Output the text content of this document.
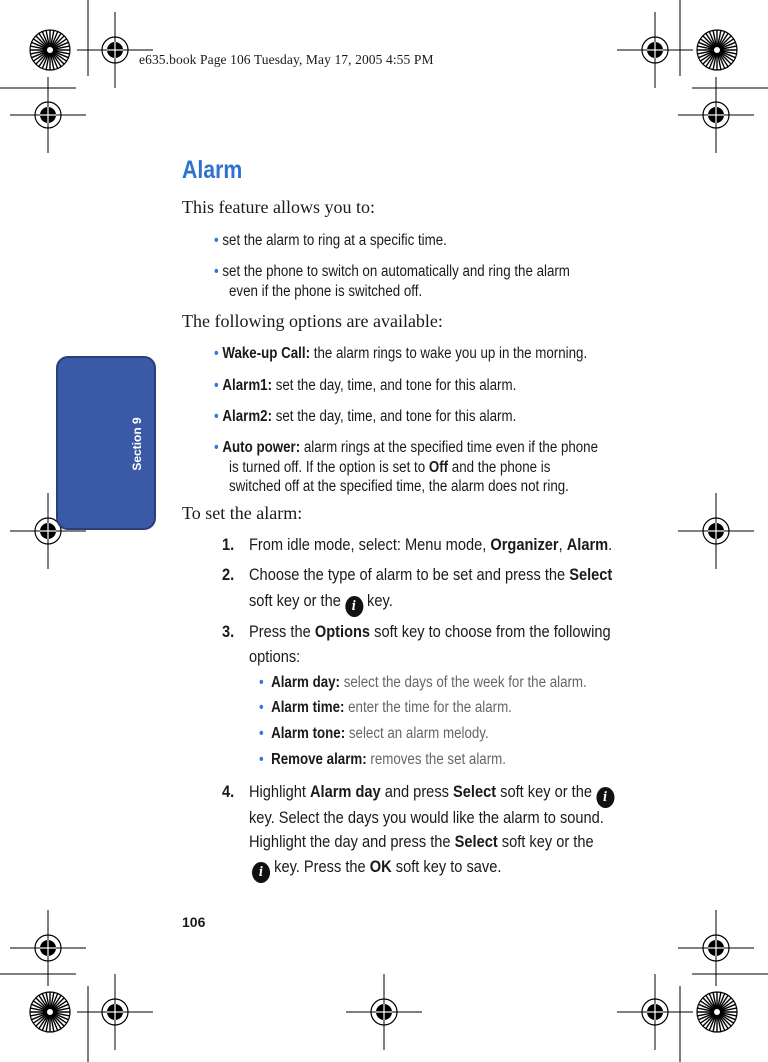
e635.book Page 106 Tuesday, May 17, 2005 4:55 PM
Section 9
Alarm
This feature allows you to:
• set the alarm to ring at a specific time.
• set the phone to switch on automatically and ring the alarm
even if the phone is switched off.
The following options are available:
• Wake-up Call: the alarm rings to wake you up in the morning.
• Alarm1: set the day, time, and tone for this alarm.
• Alarm2: set the day, time, and tone for this alarm.
• Auto power: alarm rings at the specified time even if the phone
is turned off. If the option is set to Off and the phone is
switched off at the specified time, the alarm does not ring.
To set the alarm:
1. From idle mode, select: Menu mode, Organizer, Alarm.
2. Choose the type of alarm to be set and press the Select
soft key or the i key.
3. Press the Options soft key to choose from the following
options:
• Alarm day: select the days of the week for the alarm.
• Alarm time: enter the time for the alarm.
• Alarm tone: select an alarm melody.
• Remove alarm: removes the set alarm.
4. Highlight Alarm day and press Select soft key or the i
key. Select the days you would like the alarm to sound.
Highlight the day and press the Select soft key or the
i key. Press the OK soft key to save.
106
